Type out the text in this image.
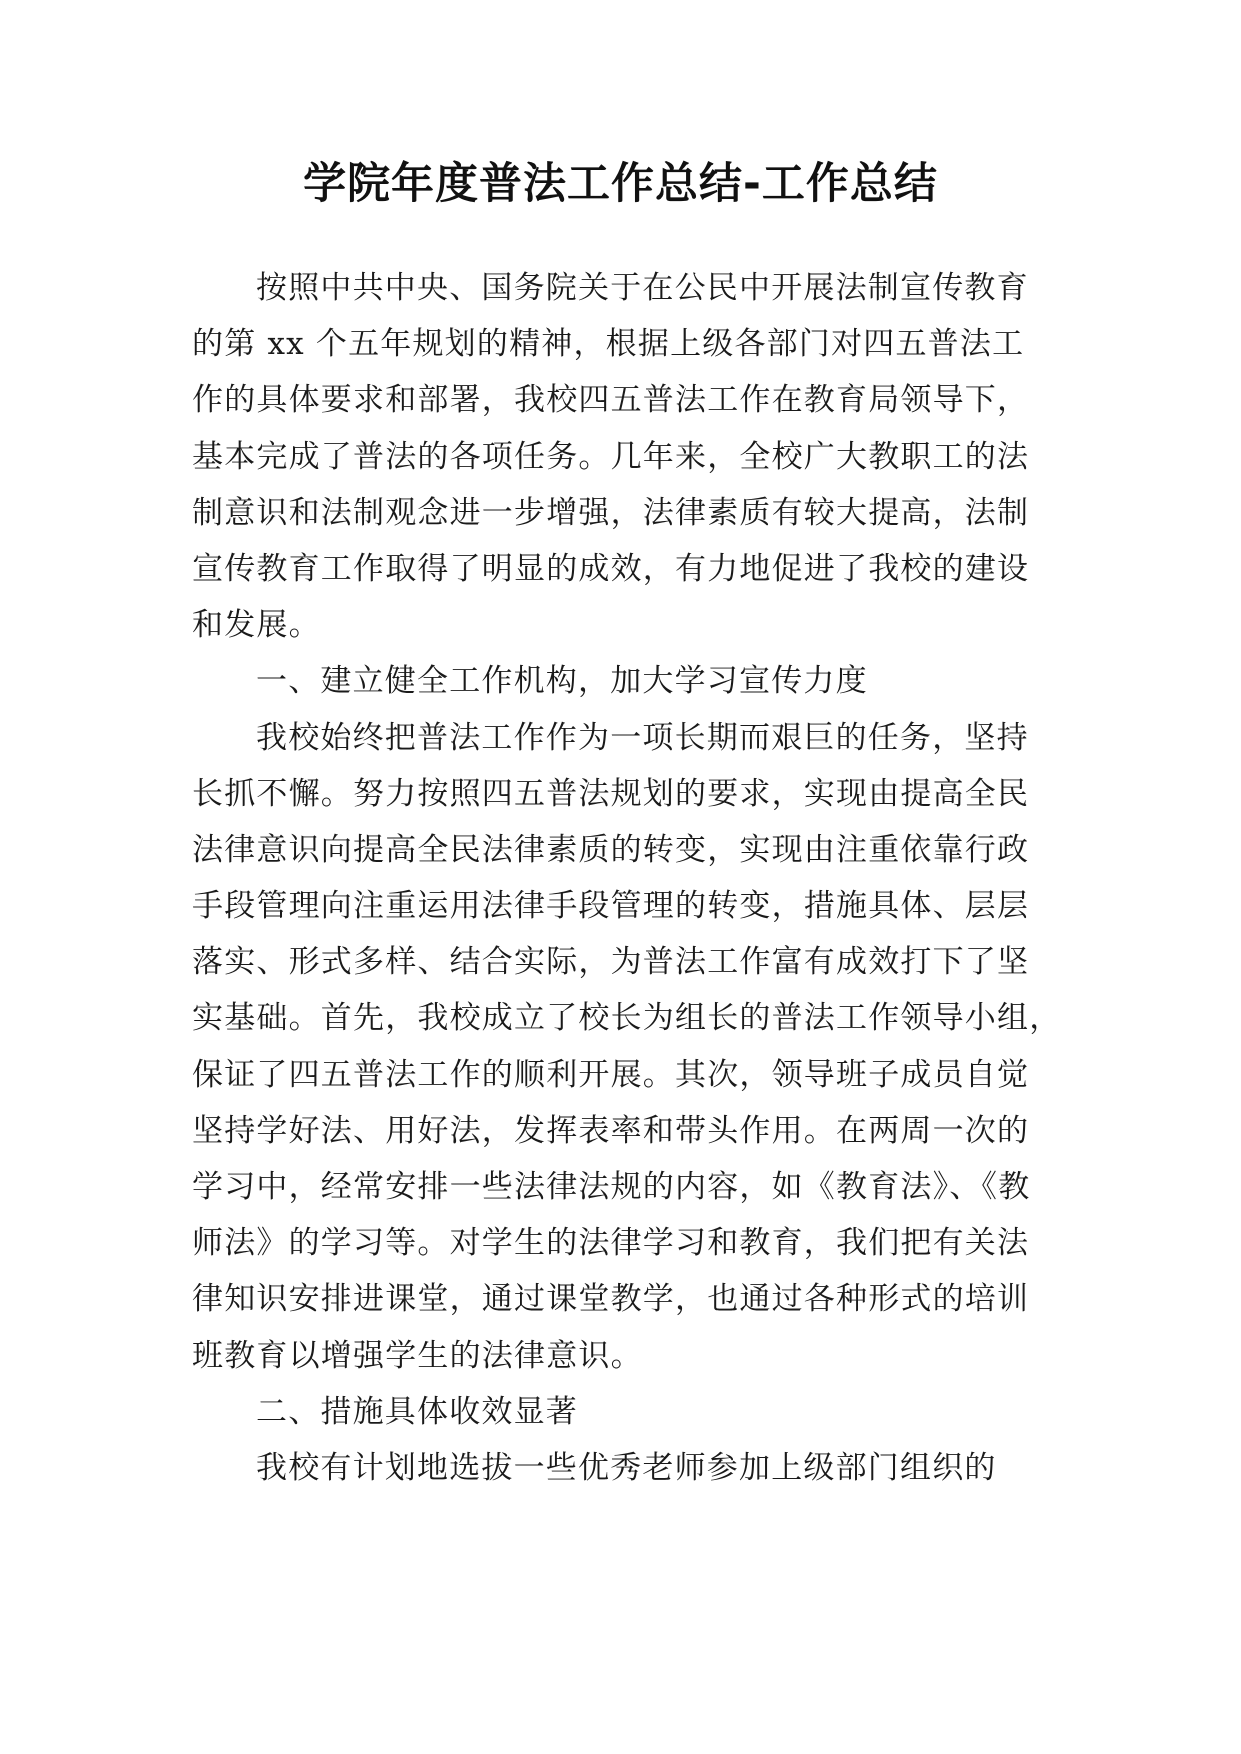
学院年度普法工作总结-工作总结

按照中共中央、国务院关于在公民中开展法制宣传教育
的第 xx 个五年规划的精神，根据上级各部门对四五普法工
作的具体要求和部署，我校四五普法工作在教育局领导下，
基本完成了普法的各项任务。几年来，全校广大教职工的法
制意识和法制观念进一步增强，法律素质有较大提高，法制
宣传教育工作取得了明显的成效，有力地促进了我校的建设
和发展。

一、建立健全工作机构，加大学习宣传力度

我校始终把普法工作作为一项长期而艰巨的任务，坚持
长抓不懈。努力按照四五普法规划的要求，实现由提高全民
法律意识向提高全民法律素质的转变，实现由注重依靠行政
手段管理向注重运用法律手段管理的转变，措施具体、层层
落实、形式多样、结合实际，为普法工作富有成效打下了坚
实基础。首先，我校成立了校长为组长的普法工作领导小组，
保证了四五普法工作的顺利开展。其次，领导班子成员自觉
坚持学好法、用好法，发挥表率和带头作用。在两周一次的
学习中，经常安排一些法律法规的内容，如《教育法》、《教
师法》的学习等。对学生的法律学习和教育，我们把有关法
律知识安排进课堂，通过课堂教学，也通过各种形式的培训
班教育以增强学生的法律意识。

二、措施具体收效显著

我校有计划地选拔一些优秀老师参加上级部门组织的
